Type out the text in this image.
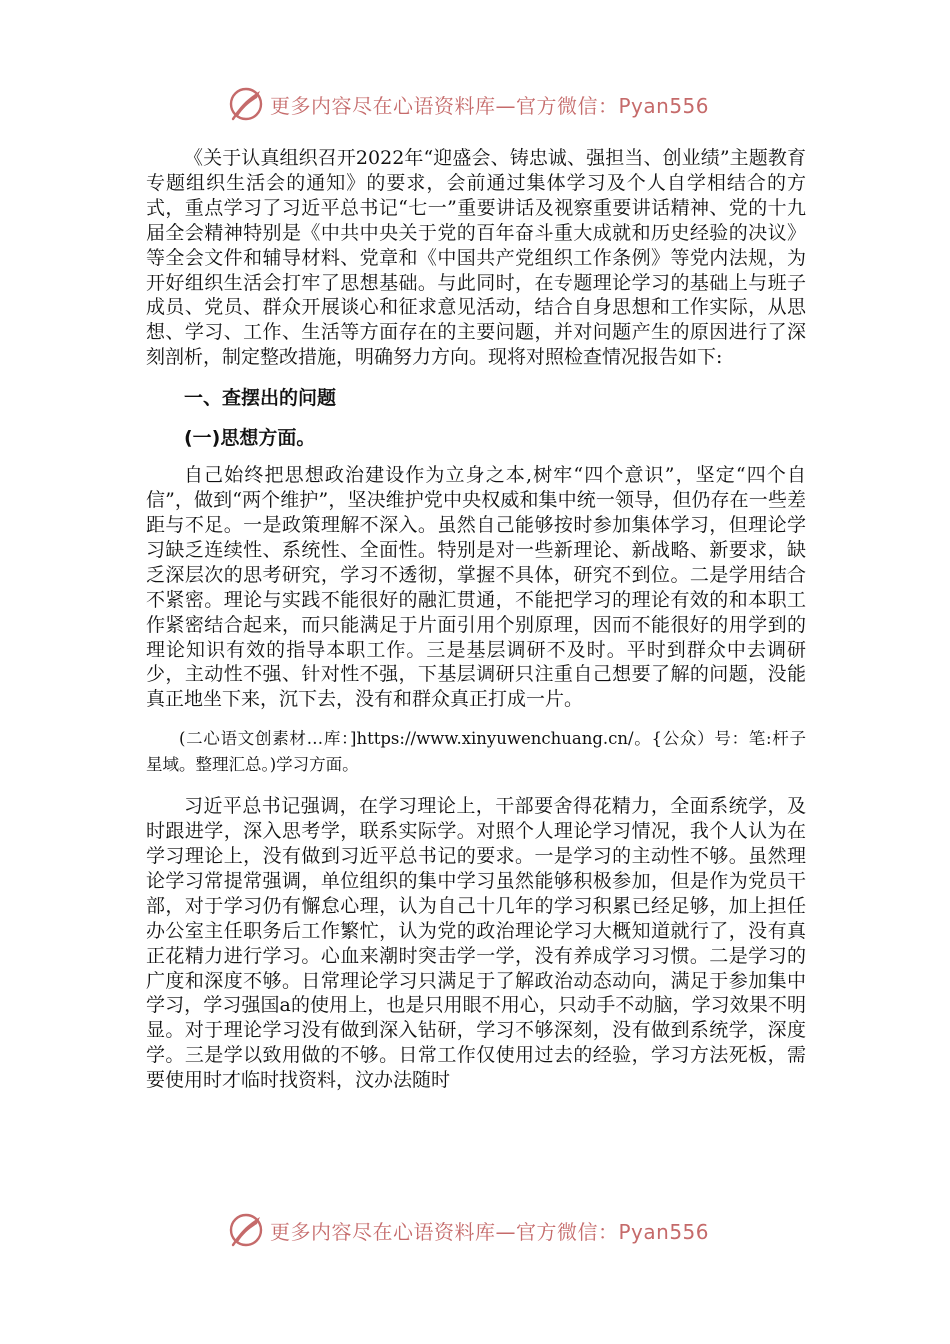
更多内容尽在心语资料库—官方微信：Pyan556

《关于认真组织召开2022年“迎盛会、铸忠诚、强担当、创业绩”主题教育专题组织生活会的通知》的要求，会前通过集体学习及个人自学相结合的方式，重点学习了习近平总书记“七一”重要讲话及视察重要讲话精神、党的十九届全会精神特别是《中共中央关于党的百年奋斗重大成就和历史经验的决议》等全会文件和辅导材料、党章和《中国共产党组织工作条例》等党内法规，为开好组织生活会打牢了思想基础。与此同时，在专题理论学习的基础上与班子成员、党员、群众开展谈心和征求意见活动，结合自身思想和工作实际，从思想、学习、工作、生活等方面存在的主要问题，并对问题产生的原因进行了深刻剖析，制定整改措施，明确努力方向。现将对照检查情况报告如下:

一、查摆出的问题

(一)思想方面。

自己始终把思想政治建设作为立身之本,树牢“四个意识”，坚定“四个自信”，做到“两个维护”，坚决维护党中央权威和集中统一领导，但仍存在一些差距与不足。一是政策理解不深入。虽然自己能够按时参加集体学习，但理论学习缺乏连续性、系统性、全面性。特别是对一些新理论、新战略、新要求，缺乏深层次的思考研究，学习不透彻，掌握不具体，研究不到位。二是学用结合不紧密。理论与实践不能很好的融汇贯通，不能把学习的理论有效的和本职工作紧密结合起来，而只能满足于片面引用个别原理，因而不能很好的用学到的理论知识有效的指导本职工作。三是基层调研不及时。平时到群众中去调研少，主动性不强、针对性不强，下基层调研只注重自己想要了解的问题，没能真正地坐下来，沉下去，没有和群众真正打成一片。

(二心语文创素材…库：]https://www.xinyuwenchuang.cn/。{公众）号：笔:杆子星域。整理汇总。)学习方面。

习近平总书记强调，在学习理论上，干部要舍得花精力，全面系统学，及时跟进学，深入思考学，联系实际学。对照个人理论学习情况，我个人认为在学习理论上，没有做到习近平总书记的要求。一是学习的主动性不够。虽然理论学习常提常强调，单位组织的集中学习虽然能够积极参加，但是作为党员干部，对于学习仍有懈怠心理，认为自己十几年的学习积累已经足够，加上担任办公室主任职务后工作繁忙，认为党的政治理论学习大概知道就行了，没有真正花精力进行学习。心血来潮时突击学一学，没有养成学习习惯。二是学习的广度和深度不够。日常理论学习只满足于了解政治动态动向，满足于参加集中学习，学习强国a的使用上，也是只用眼不用心，只动手不动脑，学习效果不明显。对于理论学习没有做到深入钻研，学习不够深刻，没有做到系统学，深度学。三是学以致用做的不够。日常工作仅使用过去的经验，学习方法死板，需要使用时才临时找资料，汶办法随时

更多内容尽在心语资料库—官方微信：Pyan556
